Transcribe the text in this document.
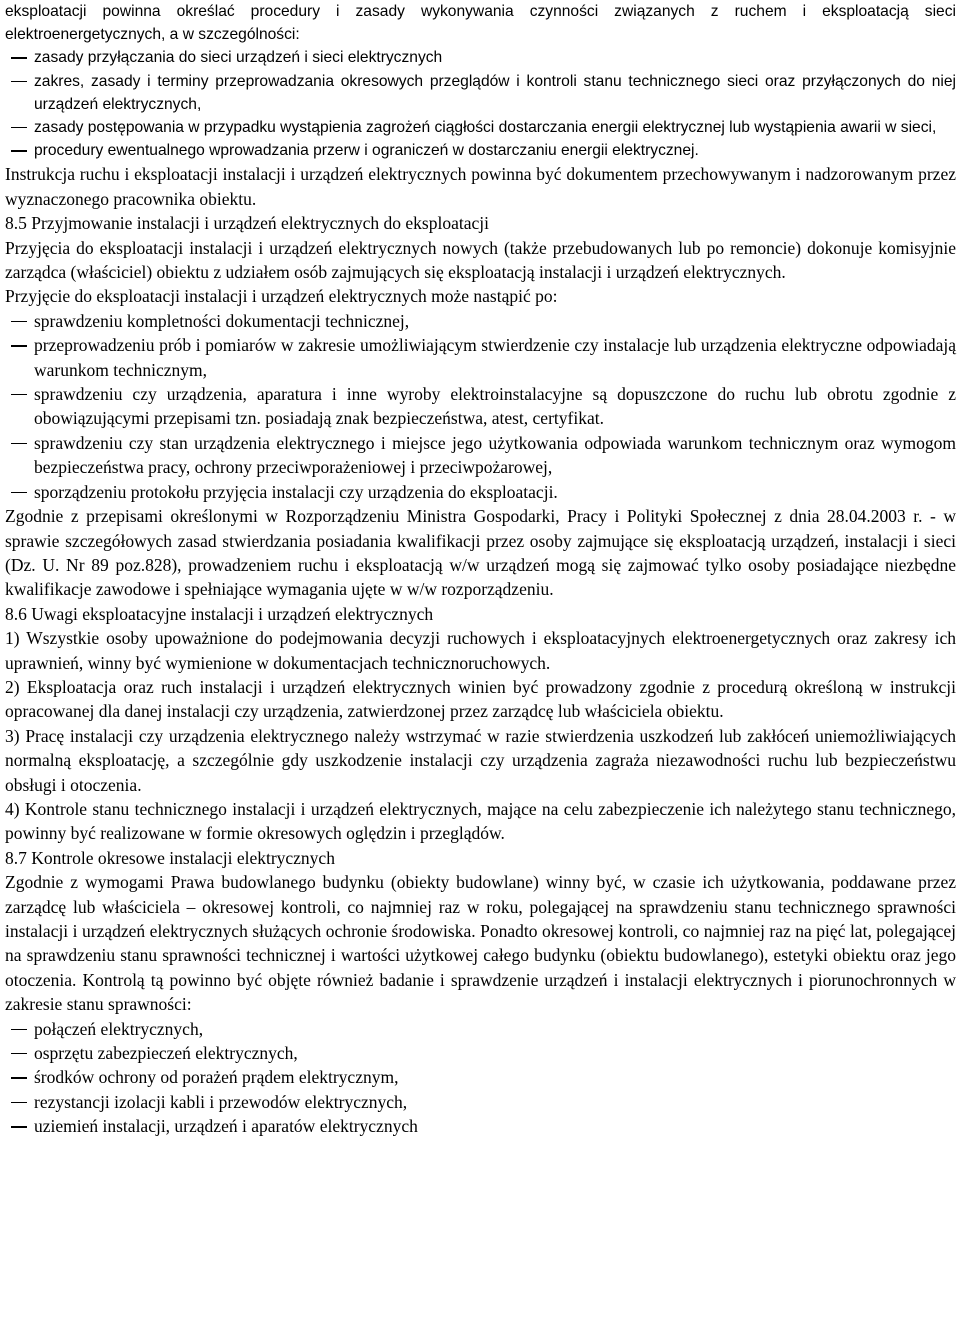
eksploatacji powinna określać procedury i zasady wykonywania czynności związanych z ruchem i eksploatacją sieci elektroenergetycznych, a w szczególności:

zasady przyłączania do sieci urządzeń i sieci elektrycznych
zakres, zasady i terminy przeprowadzania okresowych przeglądów i kontroli stanu technicznego sieci oraz przyłączonych do niej urządzeń elektrycznych,
zasady postępowania w przypadku wystąpienia zagrożeń ciągłości dostarczania energii elektrycznej lub wystąpienia awarii w sieci,
procedury ewentualnego wprowadzania przerw i ograniczeń w dostarczaniu energii elektrycznej.

Instrukcja ruchu i eksploatacji instalacji i urządzeń elektrycznych powinna być dokumentem przechowywanym i nadzorowanym przez wyznaczonego pracownika obiektu.

8.5 Przyjmowanie instalacji i urządzeń elektrycznych do eksploatacji

Przyjęcia do eksploatacji instalacji i urządzeń elektrycznych nowych (także przebudowanych lub po remoncie) dokonuje komisyjnie zarządca (właściciel) obiektu z udziałem osób zajmujących się eksploatacją instalacji i urządzeń elektrycznych.

Przyjęcie do eksploatacji instalacji i urządzeń elektrycznych może nastąpić po:

sprawdzeniu kompletności dokumentacji technicznej,
przeprowadzeniu prób i pomiarów w zakresie umożliwiającym stwierdzenie czy instalacje lub urządzenia elektryczne odpowiadają warunkom technicznym,
sprawdzeniu czy urządzenia, aparatura i inne wyroby elektroinstalacyjne są dopuszczone do ruchu lub obrotu zgodnie z obowiązującymi przepisami tzn. posiadają znak bezpieczeństwa, atest, certyfikat.
sprawdzeniu czy stan urządzenia elektrycznego i miejsce jego użytkowania odpowiada warunkom technicznym oraz wymogom bezpieczeństwa pracy, ochrony przeciwporażeniowej i przeciwpożarowej,
sporządzeniu protokołu przyjęcia instalacji czy urządzenia do eksploatacji.

Zgodnie z przepisami określonymi w Rozporządzeniu Ministra Gospodarki, Pracy i Polityki Społecznej z dnia 28.04.2003 r. - w sprawie szczegółowych zasad stwierdzania posiadania kwalifikacji przez osoby zajmujące się eksploatacją urządzeń, instalacji i sieci (Dz. U. Nr 89 poz.828), prowadzeniem ruchu i eksploatacją w/w urządzeń mogą się zajmować tylko osoby posiadające niezbędne kwalifikacje zawodowe i spełniające wymagania ujęte w w/w rozporządzeniu.

8.6 Uwagi eksploatacyjne instalacji i urządzeń elektrycznych

1) Wszystkie osoby upoważnione do podejmowania decyzji ruchowych i eksploatacyjnych elektroenergetycznych oraz zakresy ich uprawnień, winny być wymienione w dokumentacjach technicznoruchowych.

2) Eksploatacja oraz ruch instalacji i urządzeń elektrycznych winien być prowadzony zgodnie z procedurą określoną w instrukcji opracowanej dla danej instalacji czy urządzenia, zatwierdzonej przez zarządcę lub właściciela obiektu.

3) Pracę instalacji czy urządzenia elektrycznego należy wstrzymać w razie stwierdzenia uszkodzeń lub zakłóceń uniemożliwiających normalną eksploatację, a szczególnie gdy uszkodzenie instalacji czy urządzenia zagraża niezawodności ruchu lub bezpieczeństwu obsługi i otoczenia.

4) Kontrole stanu technicznego instalacji i urządzeń elektrycznych, mające na celu zabezpieczenie ich należytego stanu technicznego, powinny być realizowane w formie okresowych oględzin i przeglądów.

8.7 Kontrole okresowe instalacji elektrycznych

Zgodnie z wymogami Prawa budowlanego budynku (obiekty budowlane) winny być, w czasie ich użytkowania, poddawane przez zarządcę lub właściciela – okresowej kontroli, co najmniej raz w roku, polegającej na sprawdzeniu stanu technicznego sprawności instalacji i urządzeń elektrycznych służących ochronie środowiska. Ponadto okresowej kontroli, co najmniej raz na pięć lat, polegającej na sprawdzeniu stanu sprawności technicznej i wartości użytkowej całego budynku (obiektu budowlanego), estetyki obiektu oraz jego otoczenia. Kontrolą tą powinno być objęte również badanie i sprawdzenie urządzeń i instalacji elektrycznych i piorunochronnych w zakresie stanu sprawności:

połączeń elektrycznych,
osprzętu zabezpieczeń elektrycznych,
środków ochrony od porażeń prądem elektrycznym,
rezystancji izolacji kabli i przewodów elektrycznych,
uziemień instalacji, urządzeń i aparatów elektrycznych
